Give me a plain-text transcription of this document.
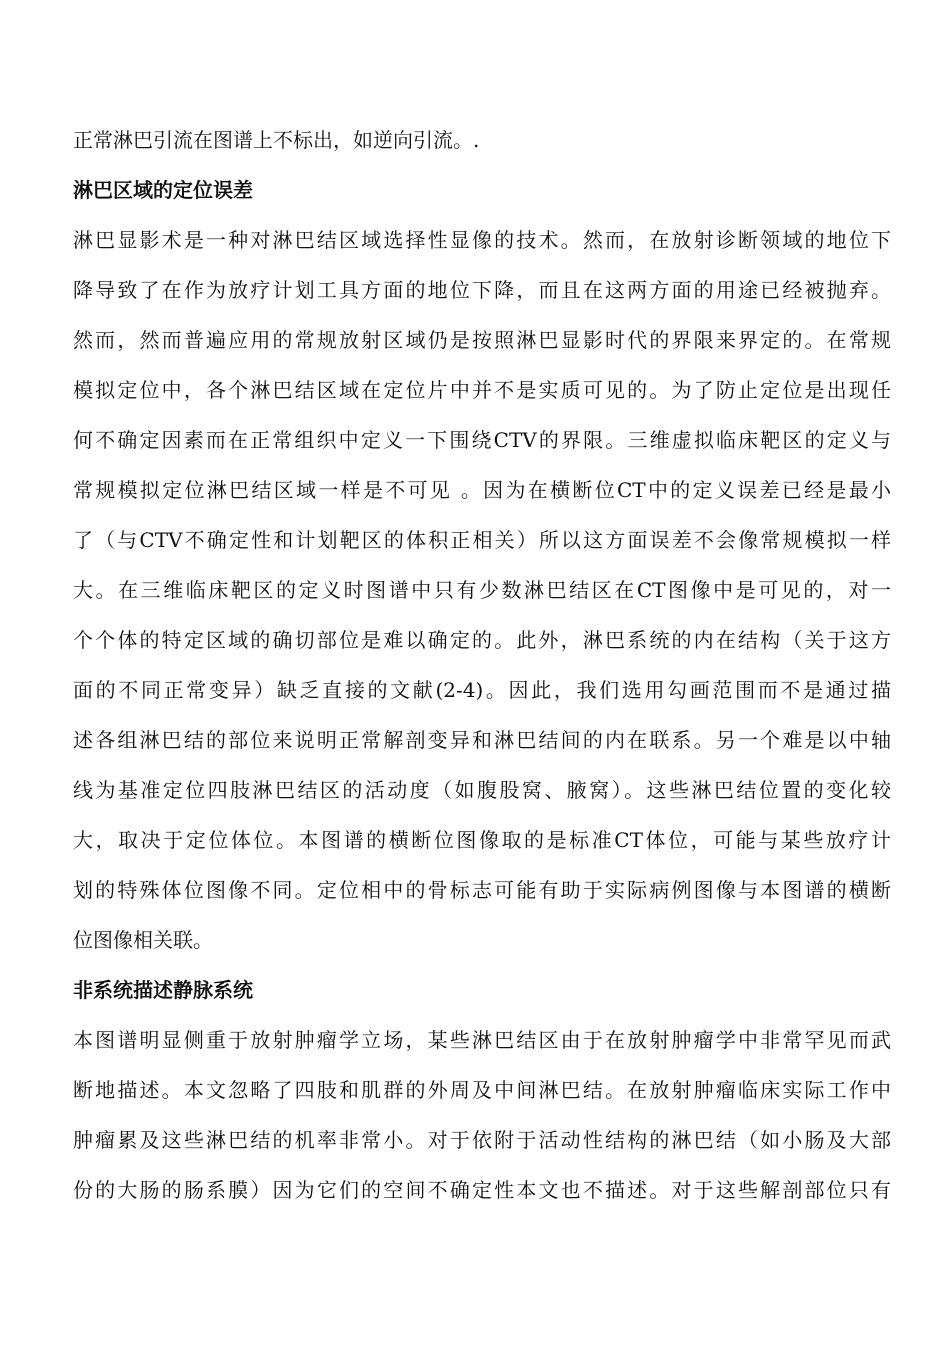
正常淋巴引流在图谱上不标出，如逆向引流。.
淋巴区域的定位误差
淋巴显影术是一种对淋巴结区域选择性显像的技术。然而，在放射诊断领域的地位下
降导致了在作为放疗计划工具方面的地位下降，而且在这两方面的用途已经被抛弃。
然而，然而普遍应用的常规放射区域仍是按照淋巴显影时代的界限来界定的。在常规
模拟定位中，各个淋巴结区域在定位片中并不是实质可见的。为了防止定位是出现任
何不确定因素而在正常组织中定义一下围绕CTV的界限。三维虚拟临床靶区的定义与
常规模拟定位淋巴结区域一样是不可见 。因为在横断位CT中的定义误差已经是最小
了（与CTV不确定性和计划靶区的体积正相关）所以这方面误差不会像常规模拟一样
大。在三维临床靶区的定义时图谱中只有少数淋巴结区在CT图像中是可见的，对一
个个体的特定区域的确切部位是难以确定的。此外，淋巴系统的内在结构（关于这方
面的不同正常变异）缺乏直接的文献(2-4)。因此，我们选用勾画范围而不是通过描
述各组淋巴结的部位来说明正常解剖变异和淋巴结间的内在联系。另一个难是以中轴
线为基准定位四肢淋巴结区的活动度（如腹股窝、腋窝）。这些淋巴结位置的变化较
大，取决于定位体位。本图谱的横断位图像取的是标准CT体位，可能与某些放疗计
划的特殊体位图像不同。定位相中的骨标志可能有助于实际病例图像与本图谱的横断
位图像相关联。
非系统描述静脉系统
本图谱明显侧重于放射肿瘤学立场，某些淋巴结区由于在放射肿瘤学中非常罕见而武
断地描述。本文忽略了四肢和肌群的外周及中间淋巴结。在放射肿瘤临床实际工作中
肿瘤累及这些淋巴结的机率非常小。对于依附于活动性结构的淋巴结（如小肠及大部
份的大肠的肠系膜）因为它们的空间不确定性本文也不描述。对于这些解剖部位只有
